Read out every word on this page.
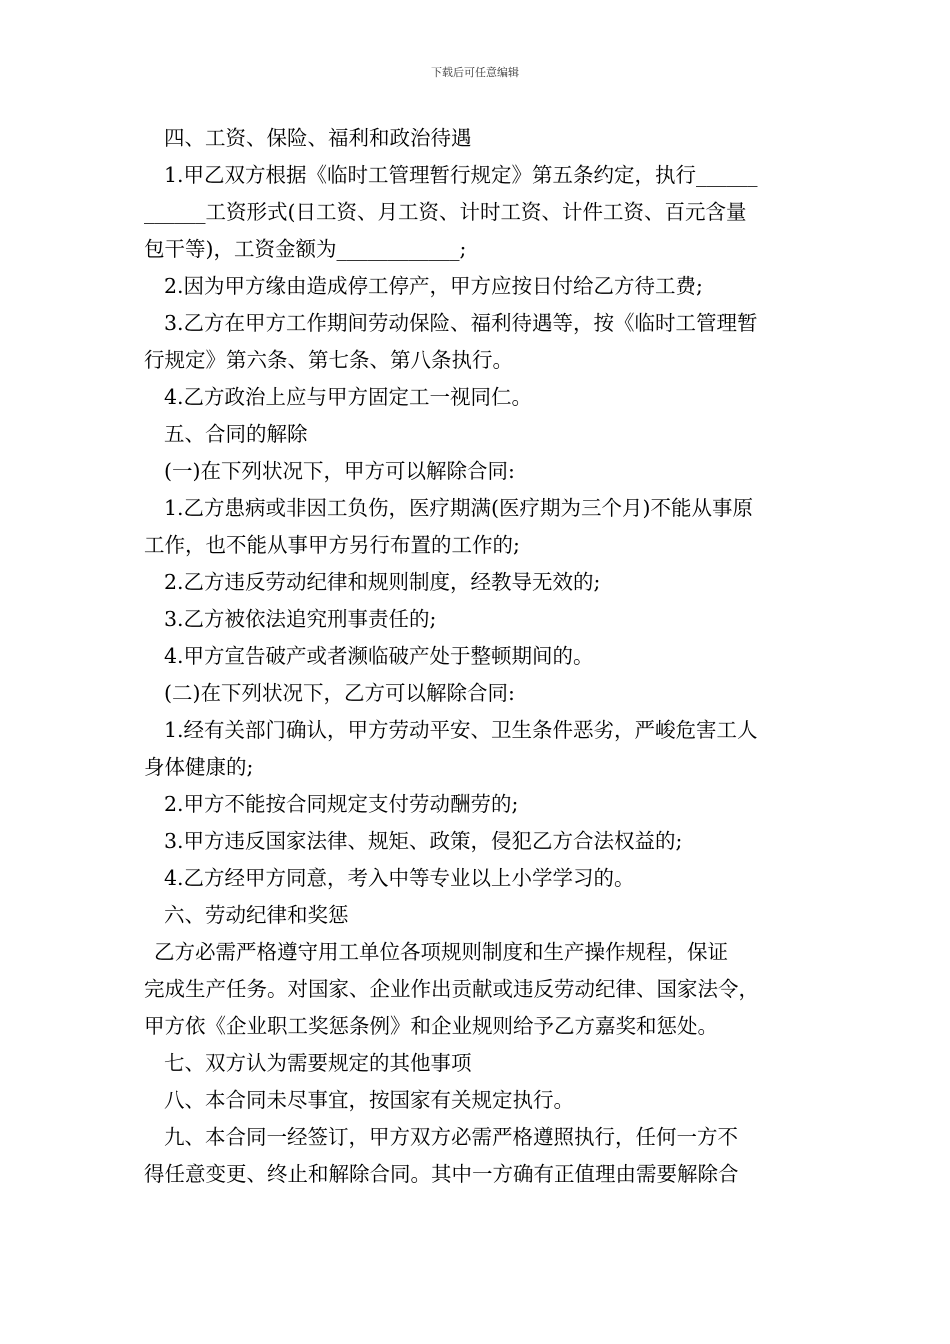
下载后可任意编辑

四、工资、保险、福利和政治待遇

1.甲乙双方根据《临时工管理暂行规定》第五条约定，执行______

______工资形式(日工资、月工资、计时工资、计件工资、百元含量

包干等)，工资金额为____________;

2.因为甲方缘由造成停工停产，甲方应按日付给乙方待工费;

3.乙方在甲方工作期间劳动保险、福利待遇等，按《临时工管理暂

行规定》第六条、第七条、第八条执行。

4.乙方政治上应与甲方固定工一视同仁。

五、合同的解除

(一)在下列状况下，甲方可以解除合同:

1.乙方患病或非因工负伤，医疗期满(医疗期为三个月)不能从事原

工作，也不能从事甲方另行布置的工作的;

2.乙方违反劳动纪律和规则制度，经教导无效的;

3.乙方被依法追究刑事责任的;

4.甲方宣告破产或者濒临破产处于整顿期间的。

(二)在下列状况下，乙方可以解除合同:

1.经有关部门确认，甲方劳动平安、卫生条件恶劣，严峻危害工人

身体健康的;

2.甲方不能按合同规定支付劳动酬劳的;

3.甲方违反国家法律、规矩、政策，侵犯乙方合法权益的;

4.乙方经甲方同意，考入中等专业以上小学学习的。

六、劳动纪律和奖惩

乙方必需严格遵守用工单位各项规则制度和生产操作规程，保证

完成生产任务。对国家、企业作出贡献或违反劳动纪律、国家法令，

甲方依《企业职工奖惩条例》和企业规则给予乙方嘉奖和惩处。

七、双方认为需要规定的其他事项

八、本合同未尽事宜，按国家有关规定执行。

九、本合同一经签订，甲方双方必需严格遵照执行，任何一方不

得任意变更、终止和解除合同。其中一方确有正值理由需要解除合
